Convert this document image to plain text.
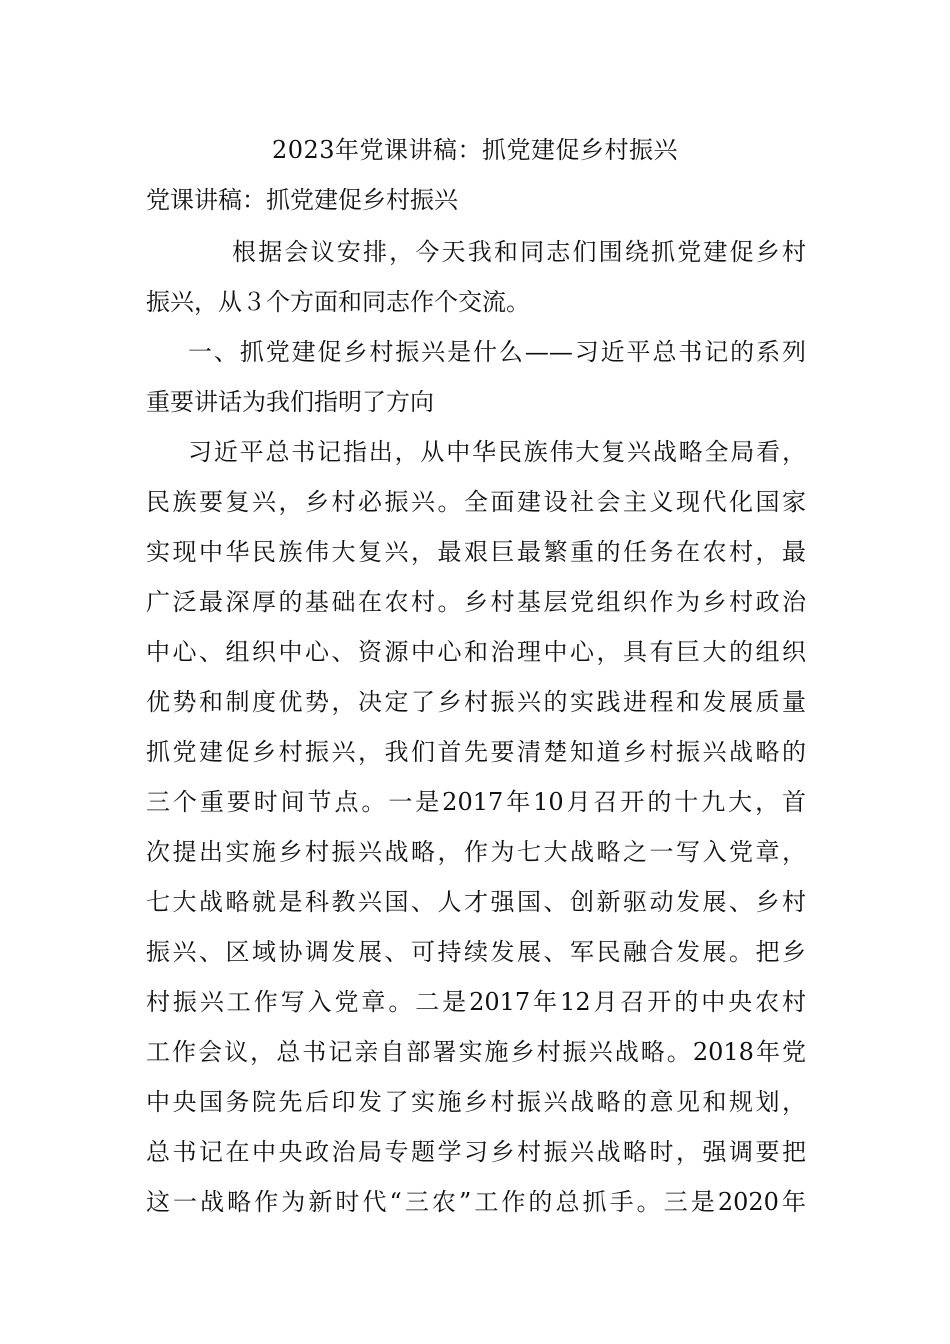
2023年党课讲稿：抓党建促乡村振兴
党课讲稿：抓党建促乡村振兴
根据会议安排，今天我和同志们围绕抓党建促乡村
振兴，从３个方面和同志作个交流。
一、抓党建促乡村振兴是什么——习近平总书记的系列
重要讲话为我们指明了方向
习近平总书记指出，从中华民族伟大复兴战略全局看，
民族要复兴，乡村必振兴。全面建设社会主义现代化国家
实现中华民族伟大复兴，最艰巨最繁重的任务在农村，最
广泛最深厚的基础在农村。乡村基层党组织作为乡村政治
中心、组织中心、资源中心和治理中心，具有巨大的组织
优势和制度优势，决定了乡村振兴的实践进程和发展质量
抓党建促乡村振兴，我们首先要清楚知道乡村振兴战略的
三个重要时间节点。一是2017年10月召开的十九大，首
次提出实施乡村振兴战略，作为七大战略之一写入党章，
七大战略就是科教兴国、人才强国、创新驱动发展、乡村
振兴、区域协调发展、可持续发展、军民融合发展。把乡
村振兴工作写入党章。二是2017年12月召开的中央农村
工作会议，总书记亲自部署实施乡村振兴战略。2018年党
中央国务院先后印发了实施乡村振兴战略的意见和规划，
总书记在中央政治局专题学习乡村振兴战略时，强调要把
这一战略作为新时代“三农”工作的总抓手。三是2020年
